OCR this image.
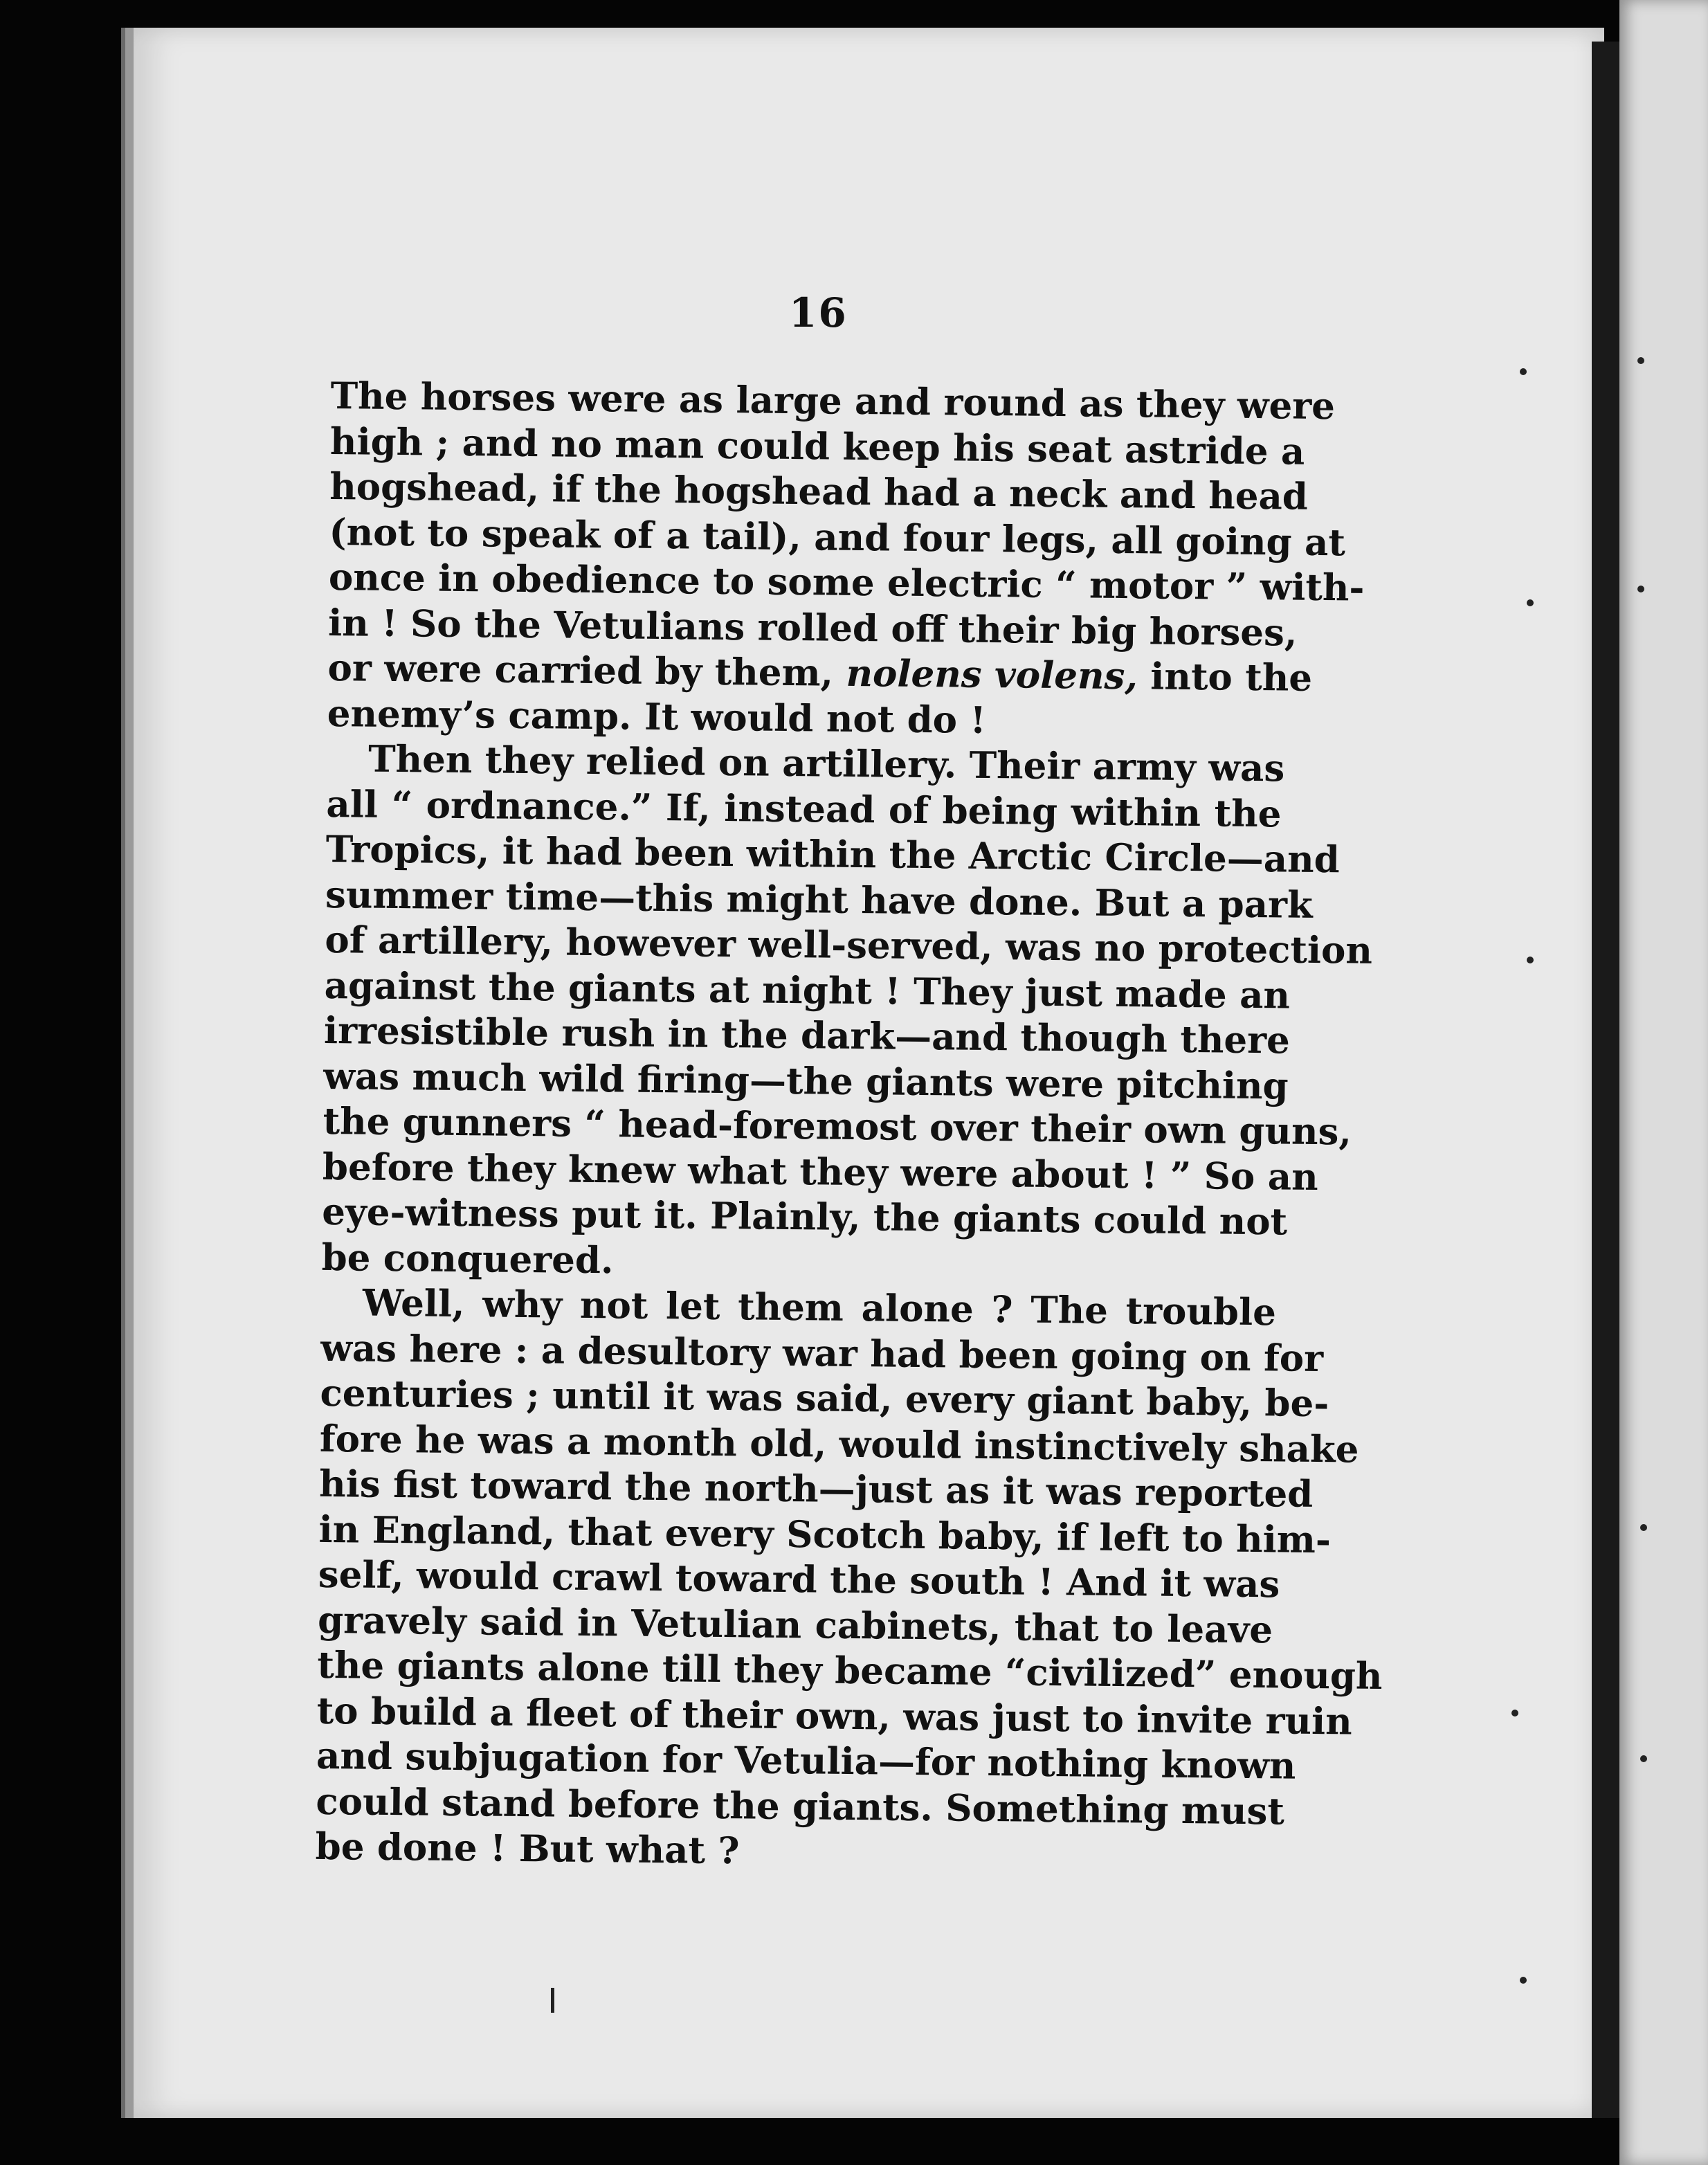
16

The horses were as large and round as they were
high ; and no man could keep his seat astride a
hogshead, if the hogshead had a neck and head
(not to speak of a tail), and four legs, all going at
once in obedience to some electric “ motor ” with-
in ! So the Vetulians rolled off their big horses,
or were carried by them, nolens volens, into the
enemy’s camp. It would not do !

Then they relied on artillery. Their army was
all “ ordnance.” If, instead of being within the
Tropics, it had been within the Arctic Circle—and
summer time—this might have done. But a park
of artillery, however well-served, was no protection
against the giants at night ! They just made an
irresistible rush in the dark—and though there
was much wild firing—the giants were pitching
the gunners “ head-foremost over their own guns,
before they knew what they were about ! ” So an
eye-witness put it. Plainly, the giants could not
be conquered.

Well, why not let them alone ? The trouble
was here : a desultory war had been going on for
centuries ; until it was said, every giant baby, be-
fore he was a month old, would instinctively shake
his fist toward the north—just as it was reported
in England, that every Scotch baby, if left to him-
self, would crawl toward the south ! And it was
gravely said in Vetulian cabinets, that to leave
the giants alone till they became “civilized” enough
to build a fleet of their own, was just to invite ruin
and subjugation for Vetulia—for nothing known
could stand before the giants. Something must
be done ! But what ?
